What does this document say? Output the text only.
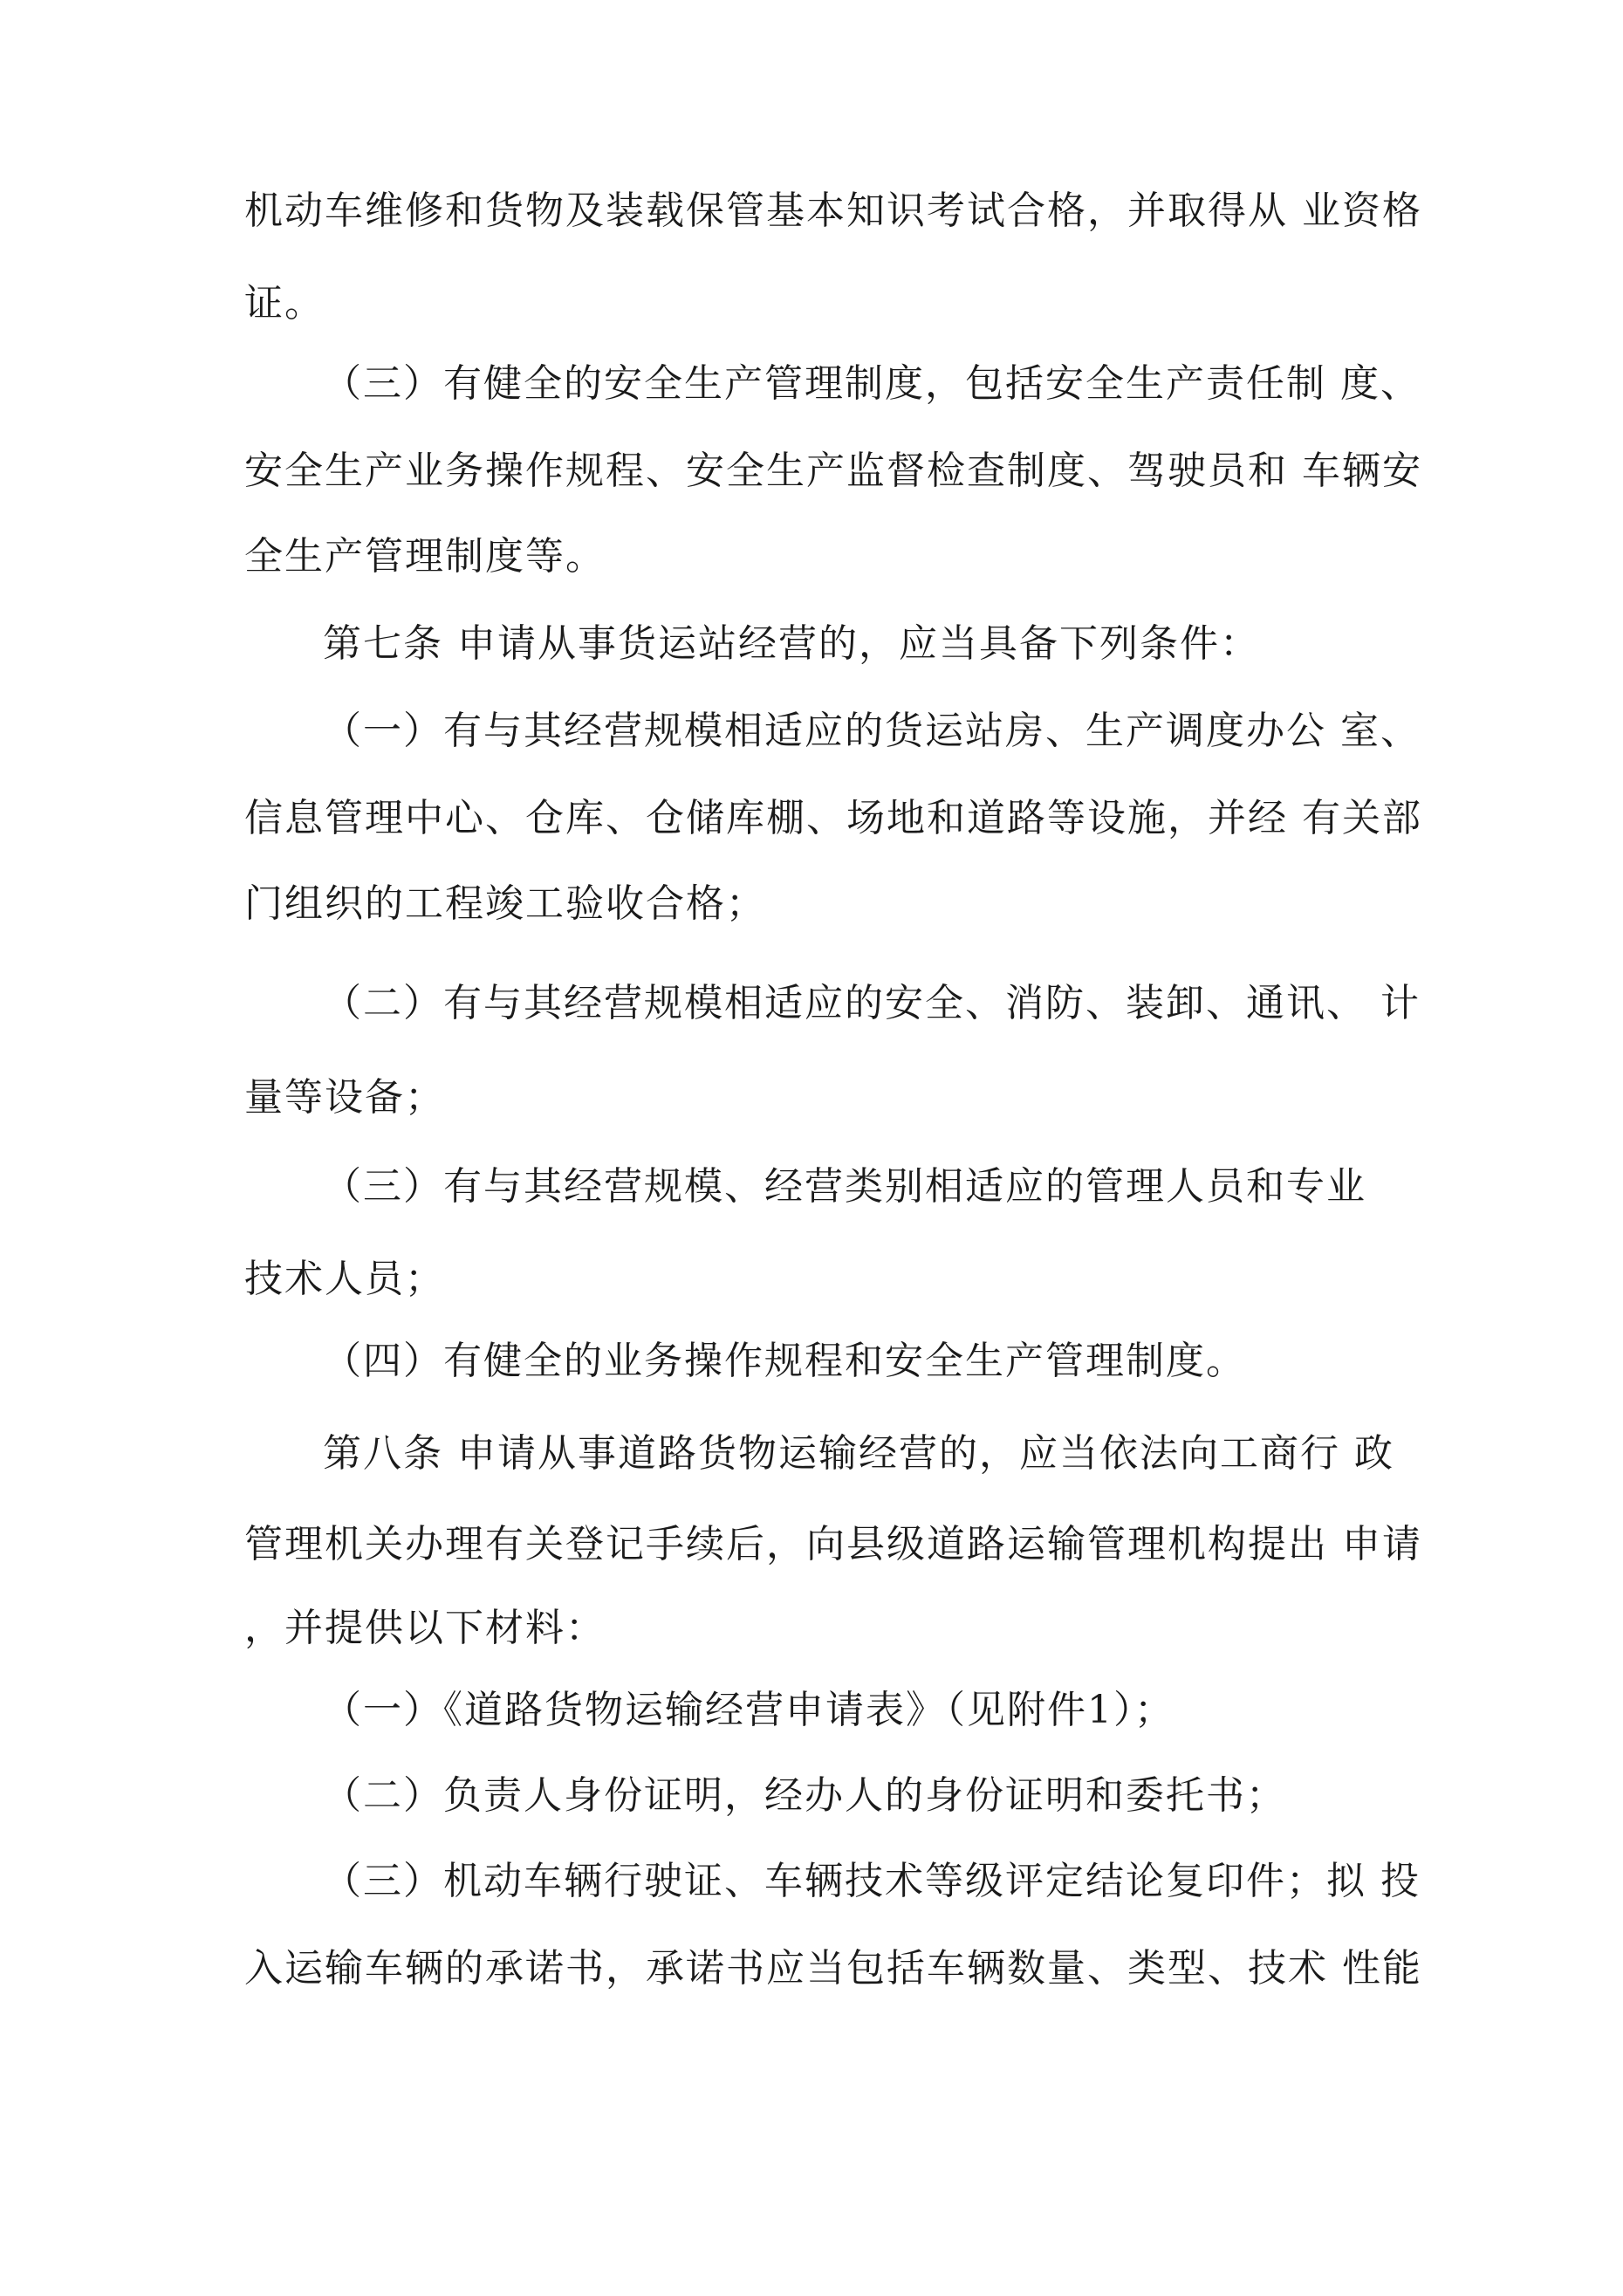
机动车维修和货物及装载保管基本知识考试合格，并取得从 业资格
证。
（三）有健全的安全生产管理制度，包括安全生产责任制 度、
安全生产业务操作规程、安全生产监督检查制度、驾驶员和 车辆安
全生产管理制度等。
第七条 申请从事货运站经营的，应当具备下列条件：
（一）有与其经营规模相适应的货运站房、生产调度办公 室、
信息管理中心、仓库、仓储库棚、场地和道路等设施，并经 有关部
门组织的工程竣工验收合格；
（二）有与其经营规模相适应的安全、消防、装卸、通讯、 计
量等设备；
（三）有与其经营规模、经营类别相适应的管理人员和专业
技术人员；
（四）有健全的业务操作规程和安全生产管理制度。
第八条 申请从事道路货物运输经营的，应当依法向工商行 政
管理机关办理有关登记手续后，向县级道路运输管理机构提出 申请
，并提供以下材料：
（一）《道路货物运输经营申请表》（见附件1）；
（二）负责人身份证明，经办人的身份证明和委托书；
（三）机动车辆行驶证、车辆技术等级评定结论复印件；拟 投
入运输车辆的承诺书，承诺书应当包括车辆数量、类型、技术 性能
